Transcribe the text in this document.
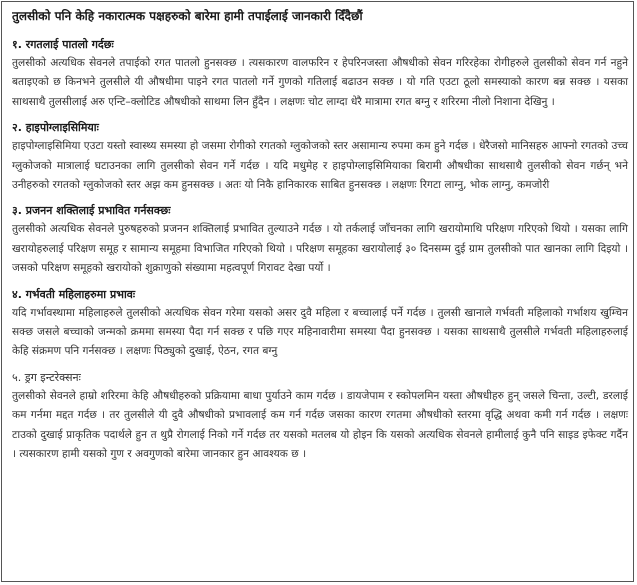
तुलसीको पनि केहि नकारात्मक पक्षहरुको बारेमा हामी तपाईलाई जानकारी दिँदैछौं
१. रगतलाई पातलो गर्दछः
तुलसीको अत्यधिक सेवनले तपाईको रगत पातलो हुनसक्छ । त्यसकारण वालफरिन र हेपरिनजस्ता औषधीको सेवन गरिरहेका रोगीहरुले तुलसीको सेवन गर्न नहुने बताइएको छ किनभने तुलसीले यी औषधीमा पाइने रगत पातलो गर्ने गुणको गतिलाई बढाउन सक्छ । यो गति एउटा ठूलो समस्याको कारण बन्न सक्छ । यसका साथसाथै तुलसीलाई अरु एन्टि–क्लोटिड औषधीको साथमा लिन हुँदैन । लक्षणः चोट लाग्दा धेरै मात्रामा रगत बग्नु र शरिरमा नीलो निशाना देखिनु ।
२. हाइपोग्लाइसिमियाः
हाइपोग्लाइसिमिया एउटा यस्तो स्वास्थ्य समस्या हो जसमा रोगीको रगतको ग्लुकोजको स्तर असामान्य रुपमा कम हुने गर्दछ । धेरैजसो मानिसहरु आफ्नो रगतको उच्च ग्लुकोजको मात्रालाई घटाउनका लागि तुलसीको सेवन गर्ने गर्दछ । यदि मधुमेह र हाइपोग्लाइसिमियाका बिरामी औषधीका साथसाथै तुलसीको सेवन गर्छन् भने उनीहरुको रगतको ग्लुकोजको स्तर अझ कम हुनसक्छ । अतः यो निकै हानिकारक साबित हुनसक्छ । लक्षणः रिगटा लाग्नु, भोक लाग्नु, कमजोरी
३. प्रजनन शक्तिलाई प्रभावित गर्नसक्छः
तुलसीको अत्यधिक सेवनले पुरुषहरुको प्रजनन शक्तिलाई प्रभावित तुल्याउने गर्दछ । यो तर्कलाई जाँचनका लागि खरायोमाथि परिक्षण गरिएको थियो । यसका लागि खरायोहरुलाई परिक्षण समूह र सामान्य समूहमा विभाजित गरिएको थियो । परिक्षण समूहका खरायोलाई ३० दिनसम्म दुई ग्राम तुलसीको पात खानका लागि दिइयो । जसको परिक्षण समूहको खरायोको शुक्राणुको संख्यामा महत्वपूर्ण गिरावट देखा पर्यो ।
४. गर्भवती महिलाहरुमा प्रभावः
यदि गर्भावस्थामा महिलाहरुले तुलसीको अत्यधिक सेवन गरेमा यसको असर दुवै महिला र बच्चालाई पर्ने गर्दछ । तुलसी खानाले गर्भवती महिलाको गर्भाशय खुम्चिन सक्छ जसले बच्चाको जन्मको क्रममा समस्या पैदा गर्न सक्छ र पछि गएर महिनावारीमा समस्या पैदा हुनसक्छ । यसका साथसाथै तुलसीले गर्भवती महिलाहरुलाई केहि संक्रमण पनि गर्नसक्छ । लक्षणः पिठ्युको दुखाई, ऐठन, रगत बग्नु
५. ड्रग इन्टरेक्सनः
तुलसीको सेवनले हाम्रो शरिरमा केहि औषधीहरुको प्रक्रियामा बाधा पुर्याउने काम गर्दछ । डायजेपाम र स्कोपलमिन यस्ता औषधीहरु हुन् जसले चिन्ता, उल्टी, डरलाई कम गर्नमा मद्दत गर्दछ । तर तुलसीले यी दुवै औषधीको प्रभावलाई कम गर्न गर्दछ जसका कारण रगतमा औषधीको स्तरमा वृद्धि अथवा कमी गर्न गर्दछ । लक्षणः टाउको दुखाई प्राकृतिक पदार्थले हुन त थुप्रै रोगलाई निको गर्ने गर्दछ तर यसको मतलब यो होइन कि यसको अत्यधिक सेवनले हामीलाई कुनै पनि साइड इफेक्ट गर्दैन । त्यसकारण हामी यसको गुण र अवगुणको बारेमा जानकार हुन आवश्यक छ ।
